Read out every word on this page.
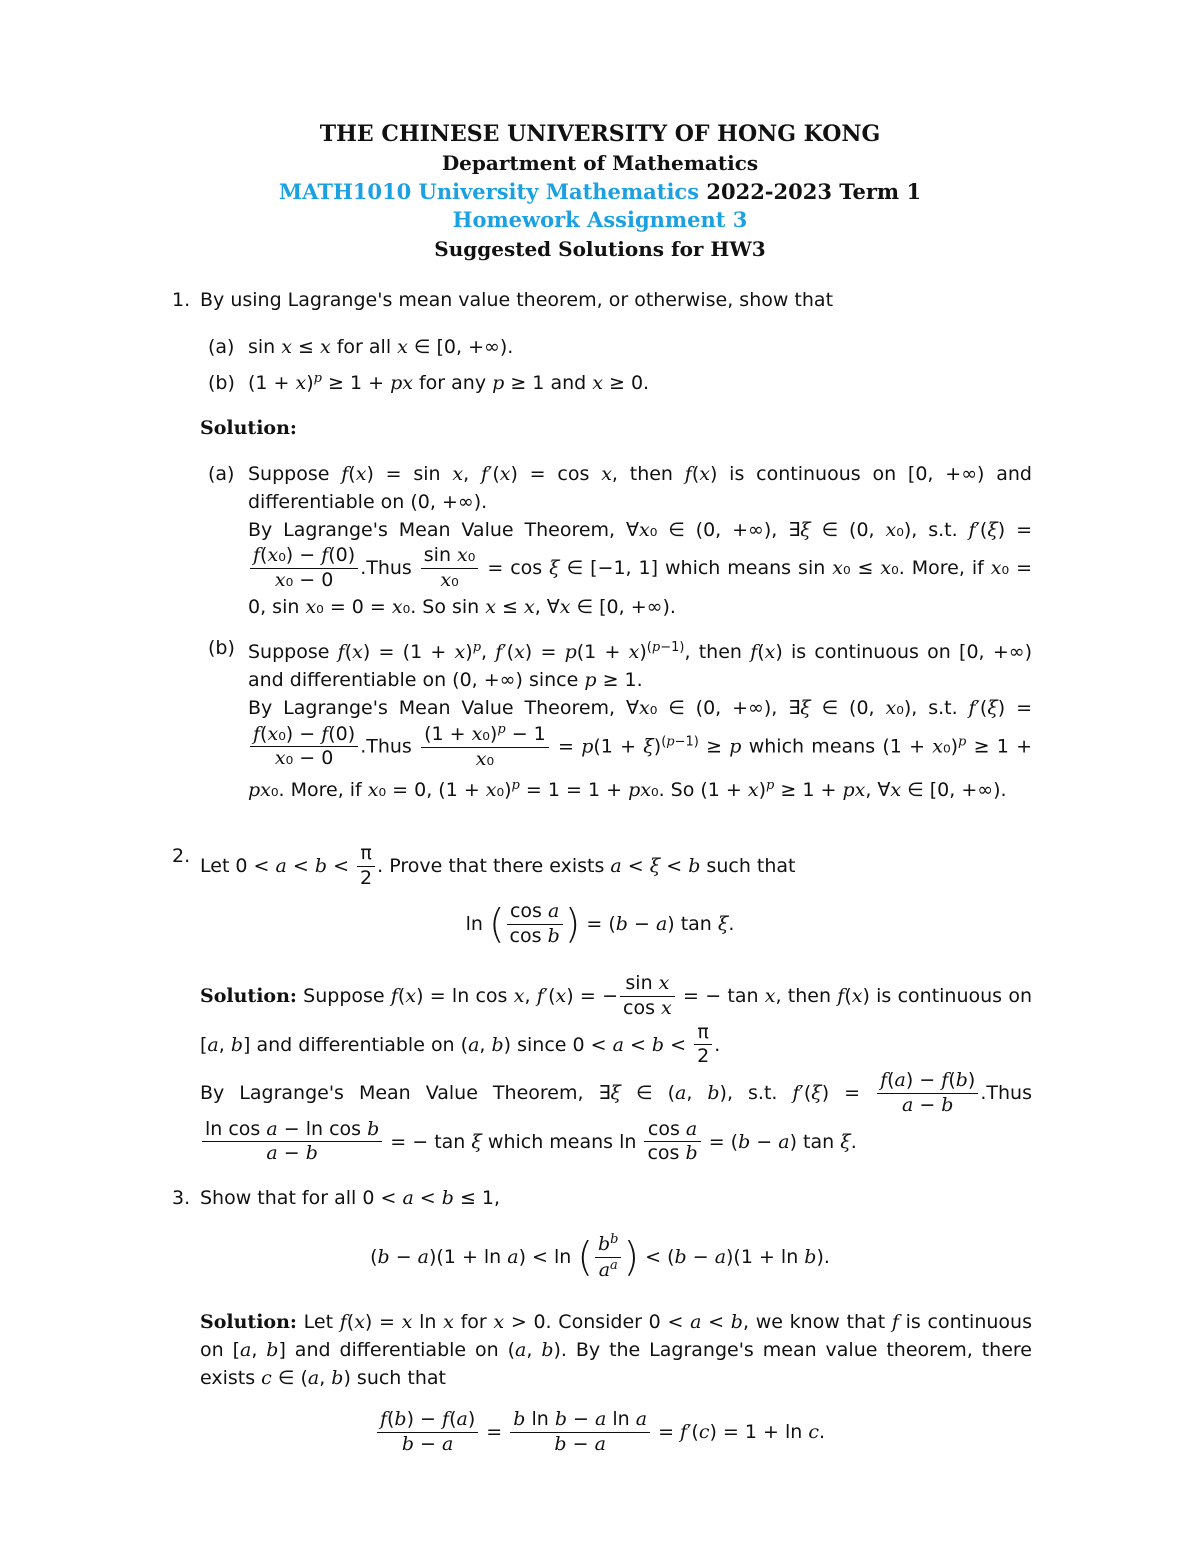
THE CHINESE UNIVERSITY OF HONG KONG
Department of Mathematics
MATH1010 University Mathematics 2022-2023 Term 1
Homework Assignment 3
Suggested Solutions for HW3
1. By using Lagrange's mean value theorem, or otherwise, show that
(a) sin x ≤ x for all x ∈ [0, +∞).
(b) $(1 + x)^p \ge 1$ + px for any p ≥ 1 and x ≥ 0.
Solution:
(a) Suppose f(x) = sin x, f′(x) = cos x, then f(x) is continuous on [0, +∞) and differentiable on (0, +∞).
By Lagrange's Mean Value Theorem, ∀x₀ ∈ (0, +∞), ∃ξ ∈ (0, x₀), s.t. f′(ξ) =
$\frac{\text{f(x₀) − f(0)}}{\text{x₀ − 0}}$ .Thus $\frac{\text{sin x₀}}{\text{x₀}} = \cos \xi$ ∈ [−1, 1] which means sin x₀ ≤ x₀. More, if x₀ = 0, sin x₀ = 0 = x₀. So sin x ≤ x, ∀x ∈ [0, +∞).
(b) Suppose $f(x) = (1 + x)^p$, $f'(x) = p(1 + x)^{(p-1)}$, then f(x) is continuous on [0, +∞) and differentiable on (0, +∞) since p ≥ 1.
By Lagrange's Mean Value Theorem, ∀x₀ ∈ (0, +∞), ∃ξ ∈ (0, x₀), s.t. f′(ξ) =
$\frac{\text{f(x₀) − f(0)}}{\text{x₀ − 0}}$ .Thus $\frac{(1 + x_0)^p - 1}{\text{x₀}} = p(1 + \xi)^{(p-1)} \ge p$ which means $(1 + x_0)^p \ge 1 + px_0$. More, if x₀ = 0, $(1 + x_0)^p = 1 = 1 + px_0$. So $(1 + x)^p \ge 1$ + px, ∀x ∈ [0, +∞).
2. Let $0 < a < b < \frac{\pi}{2}$ . Prove that there exists a < ξ < b such that
ln ( $\frac{\text{cos a}}{\text{cos b}}$ ) = (b − a) tan ξ.
Solution: Suppose f(x) = ln cos x, f′(x) = − $\frac{\text{sin x}}{\text{cos x}}$ = − tan x, then f(x) is continuous on [a, b] and differentiable on (a, b) since $0 < a < b < \frac{\pi}{2}$ .
By Lagrange's Mean Value Theorem, ∃ξ ∈ (a, b), s.t. $f'(\xi) = \frac{f(a) - f(b)}{a - b}$ .Thus
$\frac{\text{ln cos a − ln cos b}}{a - b}$ = − tan ξ which means $\ln \frac{\text{cos a}}{\text{cos b}} = (b - a)$ tan ξ.
3. Show that for all 0 < a < b ≤ 1,
(b − a)(1 + ln a) < ln ( $\frac{b^b}{a^a}$ ) < (b − a)(1 + ln b).
Solution: Let f(x) = x ln x for x > 0. Consider 0 < a < b, we know that f is continuous on [a, b] and differentiable on (a, b). By the Lagrange's mean value theorem, there exists c ∈ (a, b) such that
$\frac{f(b) - f(a)}{b - a} = \frac{\text{b ln b − a ln a}}{b - a} = f'(c) = 1 + \ln c$.
